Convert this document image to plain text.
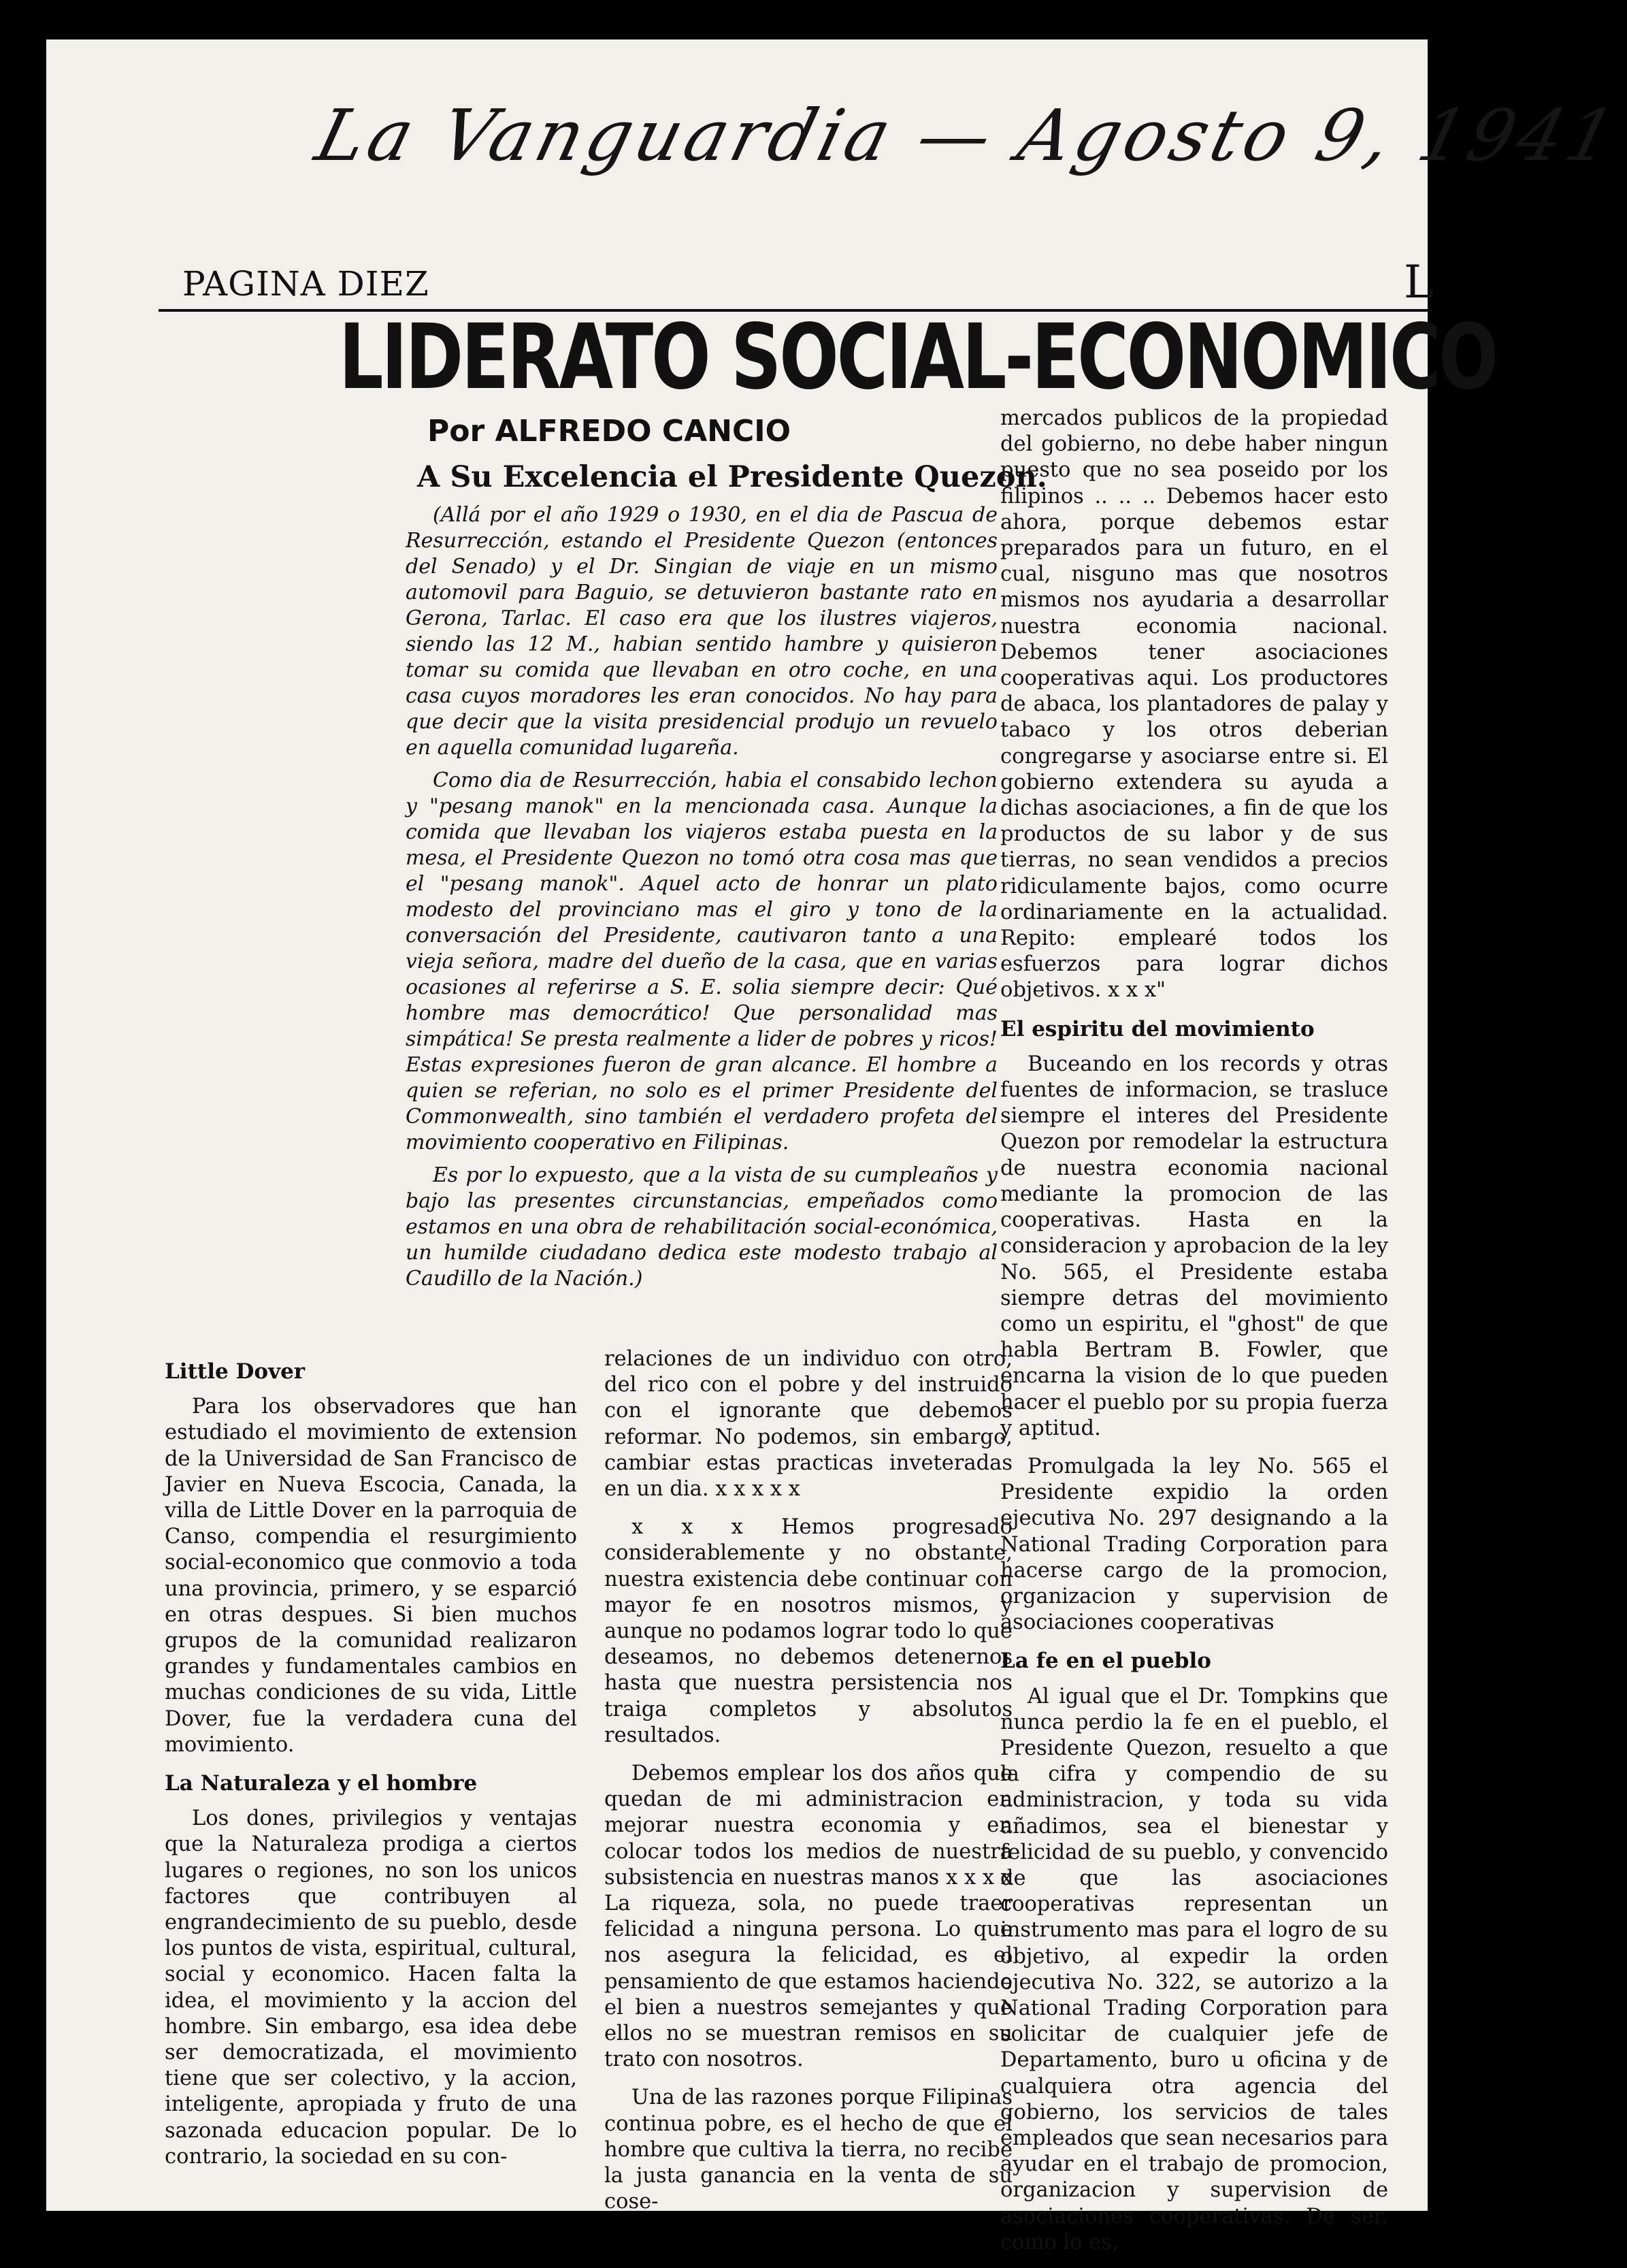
La Vanguardia — Agosto 9, 1941
PAGINA DIEZ	L
LIDERATO SOCIAL-ECONOMICO
Por ALFREDO CANCIO
A Su Excelencia el Presidente Quezon.

(Allá por el año 1929 o 1930, en el dia de Pascua de Resurrección, estando el Presidente Quezon (entonces del Senado) y el Dr. Singian de viaje en un mismo automovil para Baguio, se detuvieron bastante rato en Gerona, Tarlac. El caso era que los ilustres viajeros, siendo las 12 M., habian sentido hambre y quisieron tomar su comida que llevaban en otro coche, en una casa cuyos moradores les eran conocidos. No hay para que decir que la visita presidencial produjo un revuelo en aquella comunidad lugareña.

Como dia de Resurrección, habia el consabido lechon y "pesang manok" en la mencionada casa. Aunque la comida que llevaban los viajeros estaba puesta en la mesa, el Presidente Quezon no tomó otra cosa mas que el "pesang manok". Aquel acto de honrar un plato modesto del provinciano mas el giro y tono de la conversación del Presidente, cautivaron tanto a una vieja señora, madre del dueño de la casa, que en varias ocasiones al referirse a S. E. solia siempre decir: Qué hombre mas democrático! Que personalidad mas simpática! Se presta realmente a lider de pobres y ricos! Estas expresiones fueron de gran alcance. El hombre a quien se referian, no solo es el primer Presidente del Commonwealth, sino también el verdadero profeta del movimiento cooperativo en Filipinas.

Es por lo expuesto, que a la vista de su cumpleaños y bajo las presentes circunstancias, empeñados como estamos en una obra de rehabilitación social-económica, un humilde ciudadano dedica este modesto trabajo al Caudillo de la Nación.)

Little Dover

Para los observadores que han estudiado el movimiento de extension de la Universidad de San Francisco de Javier en Nueva Escocia, Canada, la villa de Little Dover en la parroquia de Canso, compendia el resurgimiento social-economico que conmovio a toda una provincia, primero, y se esparció en otras despues. Si bien muchos grupos de la comunidad realizaron grandes y fundamentales cambios en muchas condiciones de su vida, Little Dover, fue la verdadera cuna del movimiento.

La Naturaleza y el hombre

Los dones, privilegios y ventajas que la Naturaleza prodiga a ciertos lugares o regiones, no son los unicos factores que contribuyen al engrandecimiento de su pueblo, desde los puntos de vista, espiritual, cultural, social y economico. Hacen falta la idea, el movimiento y la accion del hombre. Sin embargo, esa idea debe ser democratizada, el movimiento tiene que ser colectivo, y la accion, inteligente, apropiada y fruto de una sazonada educacion popular. De lo contrario, la sociedad en su con-

relaciones de un individuo con otro, del rico con el pobre y del instruido con el ignorante que debemos reformar. No podemos, sin embargo, cambiar estas practicas inveteradas en un dia. x x x x x

x x x Hemos progresado considerablemente y no obstante, nuestra existencia debe continuar con mayor fe en nosotros mismos, y aunque no podamos lograr todo lo que deseamos, no debemos detenernos hasta que nuestra persistencia nos traiga completos y absolutos resultados.

Debemos emplear los dos años que quedan de mi administracion en mejorar nuestra economia y en colocar todos los medios de nuestra subsistencia en nuestras manos x x x x La riqueza, sola, no puede traer felicidad a ninguna persona. Lo que nos asegura la felicidad, es el pensamiento de que estamos haciendo el bien a nuestros semejantes y que ellos no se muestran remisos en su trato con nosotros.

Una de las razones porque Filipinas continua pobre, es el hecho de que el hombre que cultiva la tierra, no recibe la justa ganancia en la venta de su cose-

mercados publicos de la propiedad del gobierno, no debe haber ningun puesto que no sea poseido por los filipinos .. .. .. Debemos hacer esto ahora, porque debemos estar preparados para un futuro, en el cual, nisguno mas que nosotros mismos nos ayudaria a desarrollar nuestra economia nacional. Debemos tener asociaciones cooperativas aqui. Los productores de abaca, los plantadores de palay y tabaco y los otros deberian congregarse y asociarse entre si. El gobierno extendera su ayuda a dichas asociaciones, a fin de que los productos de su labor y de sus tierras, no sean vendidos a precios ridiculamente bajos, como ocurre ordinariamente en la actualidad. Repito: empleаré todos los esfuerzos para lograr dichos objetivos. x x x"

El espiritu del movimiento

Buceando en los records y otras fuentes de informacion, se trasluce siempre el interes del Presidente Quezon por remodelar la estructura de nuestra economia nacional mediante la promocion de las cooperativas. Hasta en la consideracion y aprobacion de la ley No. 565, el Presidente estaba siempre detras del movimiento como un espiritu, el "ghost" de que habla Bertram B. Fowler, que encarna la vision de lo que pueden hacer el pueblo por su propia fuerza y aptitud.

Promulgada la ley No. 565 el Presidente expidio la orden ejecutiva No. 297 designando a la National Trading Corporation para hacerse cargo de la promocion, organizacion y supervision de asociaciones cooperativas

La fe en el pueblo

Al igual que el Dr. Tompkins que nunca perdio la fe en el pueblo, el Presidente Quezon, resuelto a que la cifra y compendio de su administracion, y toda su vida añadimos, sea el bienestar y felicidad de su pueblo, y convencido de que las asociaciones cooperativas representan un instrumento mas para el logro de su objetivo, al expedir la orden ejecutiva No. 322, se autorizo a la National Trading Corporation para solicitar de cualquier jefe de Departamento, buro u oficina y de cualquiera otra agencia del gobierno, los servicios de tales empleados que sean necesarios para ayudar en el trabajo de promocion, organizacion y supervision de asociaciones cooperativas. De ser, como lo es,
